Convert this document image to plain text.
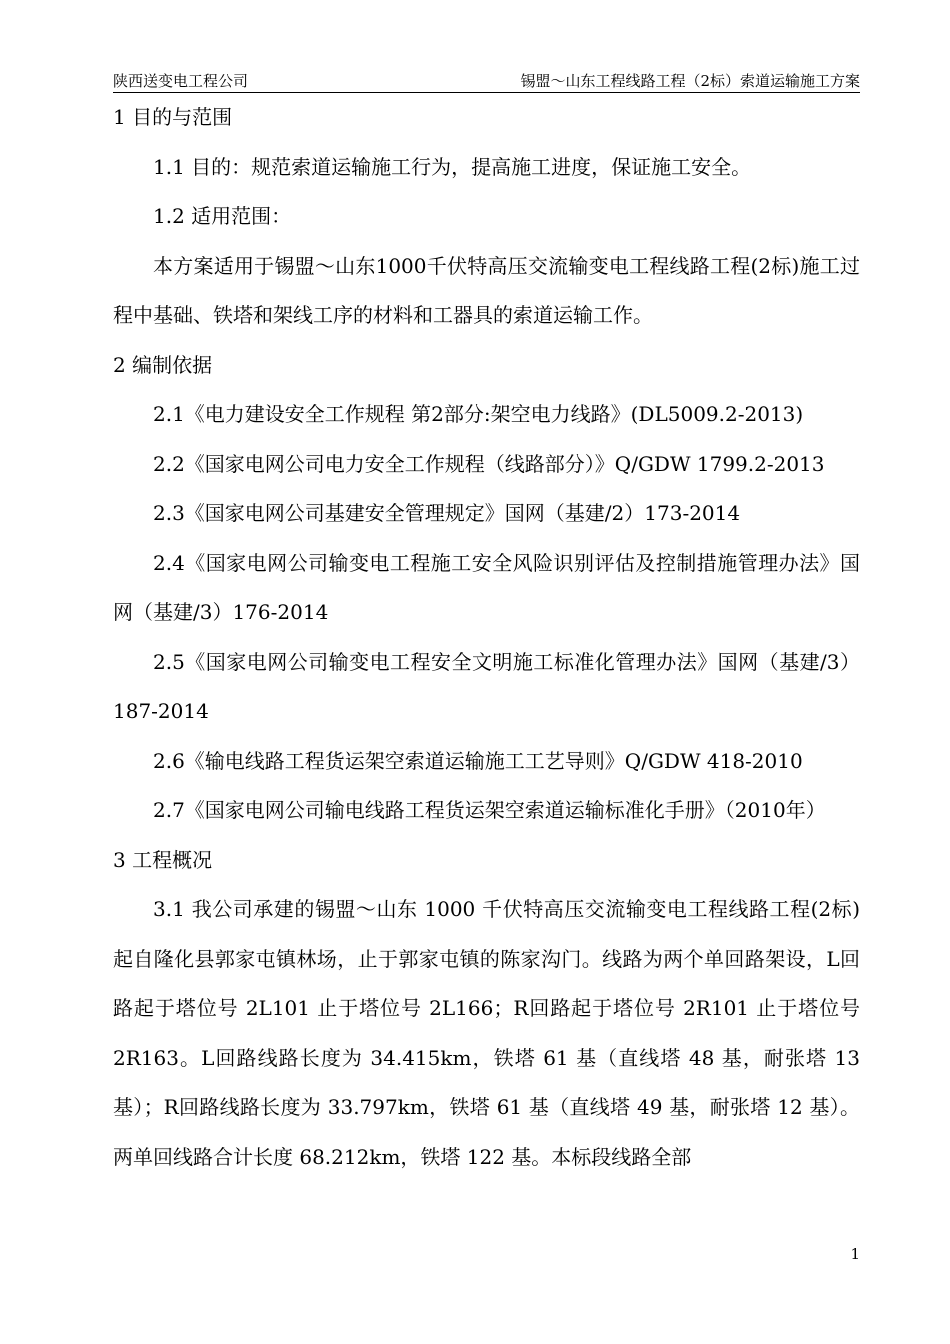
陕西送变电工程公司	锡盟～山东工程线路工程（2标）索道运输施工方案

1 目的与范围

1.1 目的：规范索道运输施工行为，提高施工进度，保证施工安全。

1.2 适用范围：

本方案适用于锡盟～山东1000千伏特高压交流输变电工程线路工程(2标)施工过程中基础、铁塔和架线工序的材料和工器具的索道运输工作。

2 编制依据

2.1《电力建设安全工作规程 第2部分:架空电力线路》(DL5009.2-2013)

2.2《国家电网公司电力安全工作规程（线路部分）》Q/GDW 1799.2-2013

2.3《国家电网公司基建安全管理规定》国网（基建/2）173-2014

2.4《国家电网公司输变电工程施工安全风险识别评估及控制措施管理办法》国网（基建/3）176-2014

2.5《国家电网公司输变电工程安全文明施工标准化管理办法》国网（基建/3）187-2014

2.6《输电线路工程货运架空索道运输施工工艺导则》Q/GDW 418-2010

2.7《国家电网公司输电线路工程货运架空索道运输标准化手册》（2010年）

3 工程概况

3.1 我公司承建的锡盟～山东 1000 千伏特高压交流输变电工程线路工程(2标)起自隆化县郭家屯镇林场，止于郭家屯镇的陈家沟门。线路为两个单回路架设，L回路起于塔位号 2L101 止于塔位号 2L166；R回路起于塔位号 2R101 止于塔位号 2R163。L回路线路长度为 34.415km，铁塔 61 基（直线塔 48 基，耐张塔 13 基）；R回路线路长度为 33.797km，铁塔 61 基（直线塔 49 基，耐张塔 12 基）。两单回线路合计长度 68.212km，铁塔 122 基。本标段线路全部

1
